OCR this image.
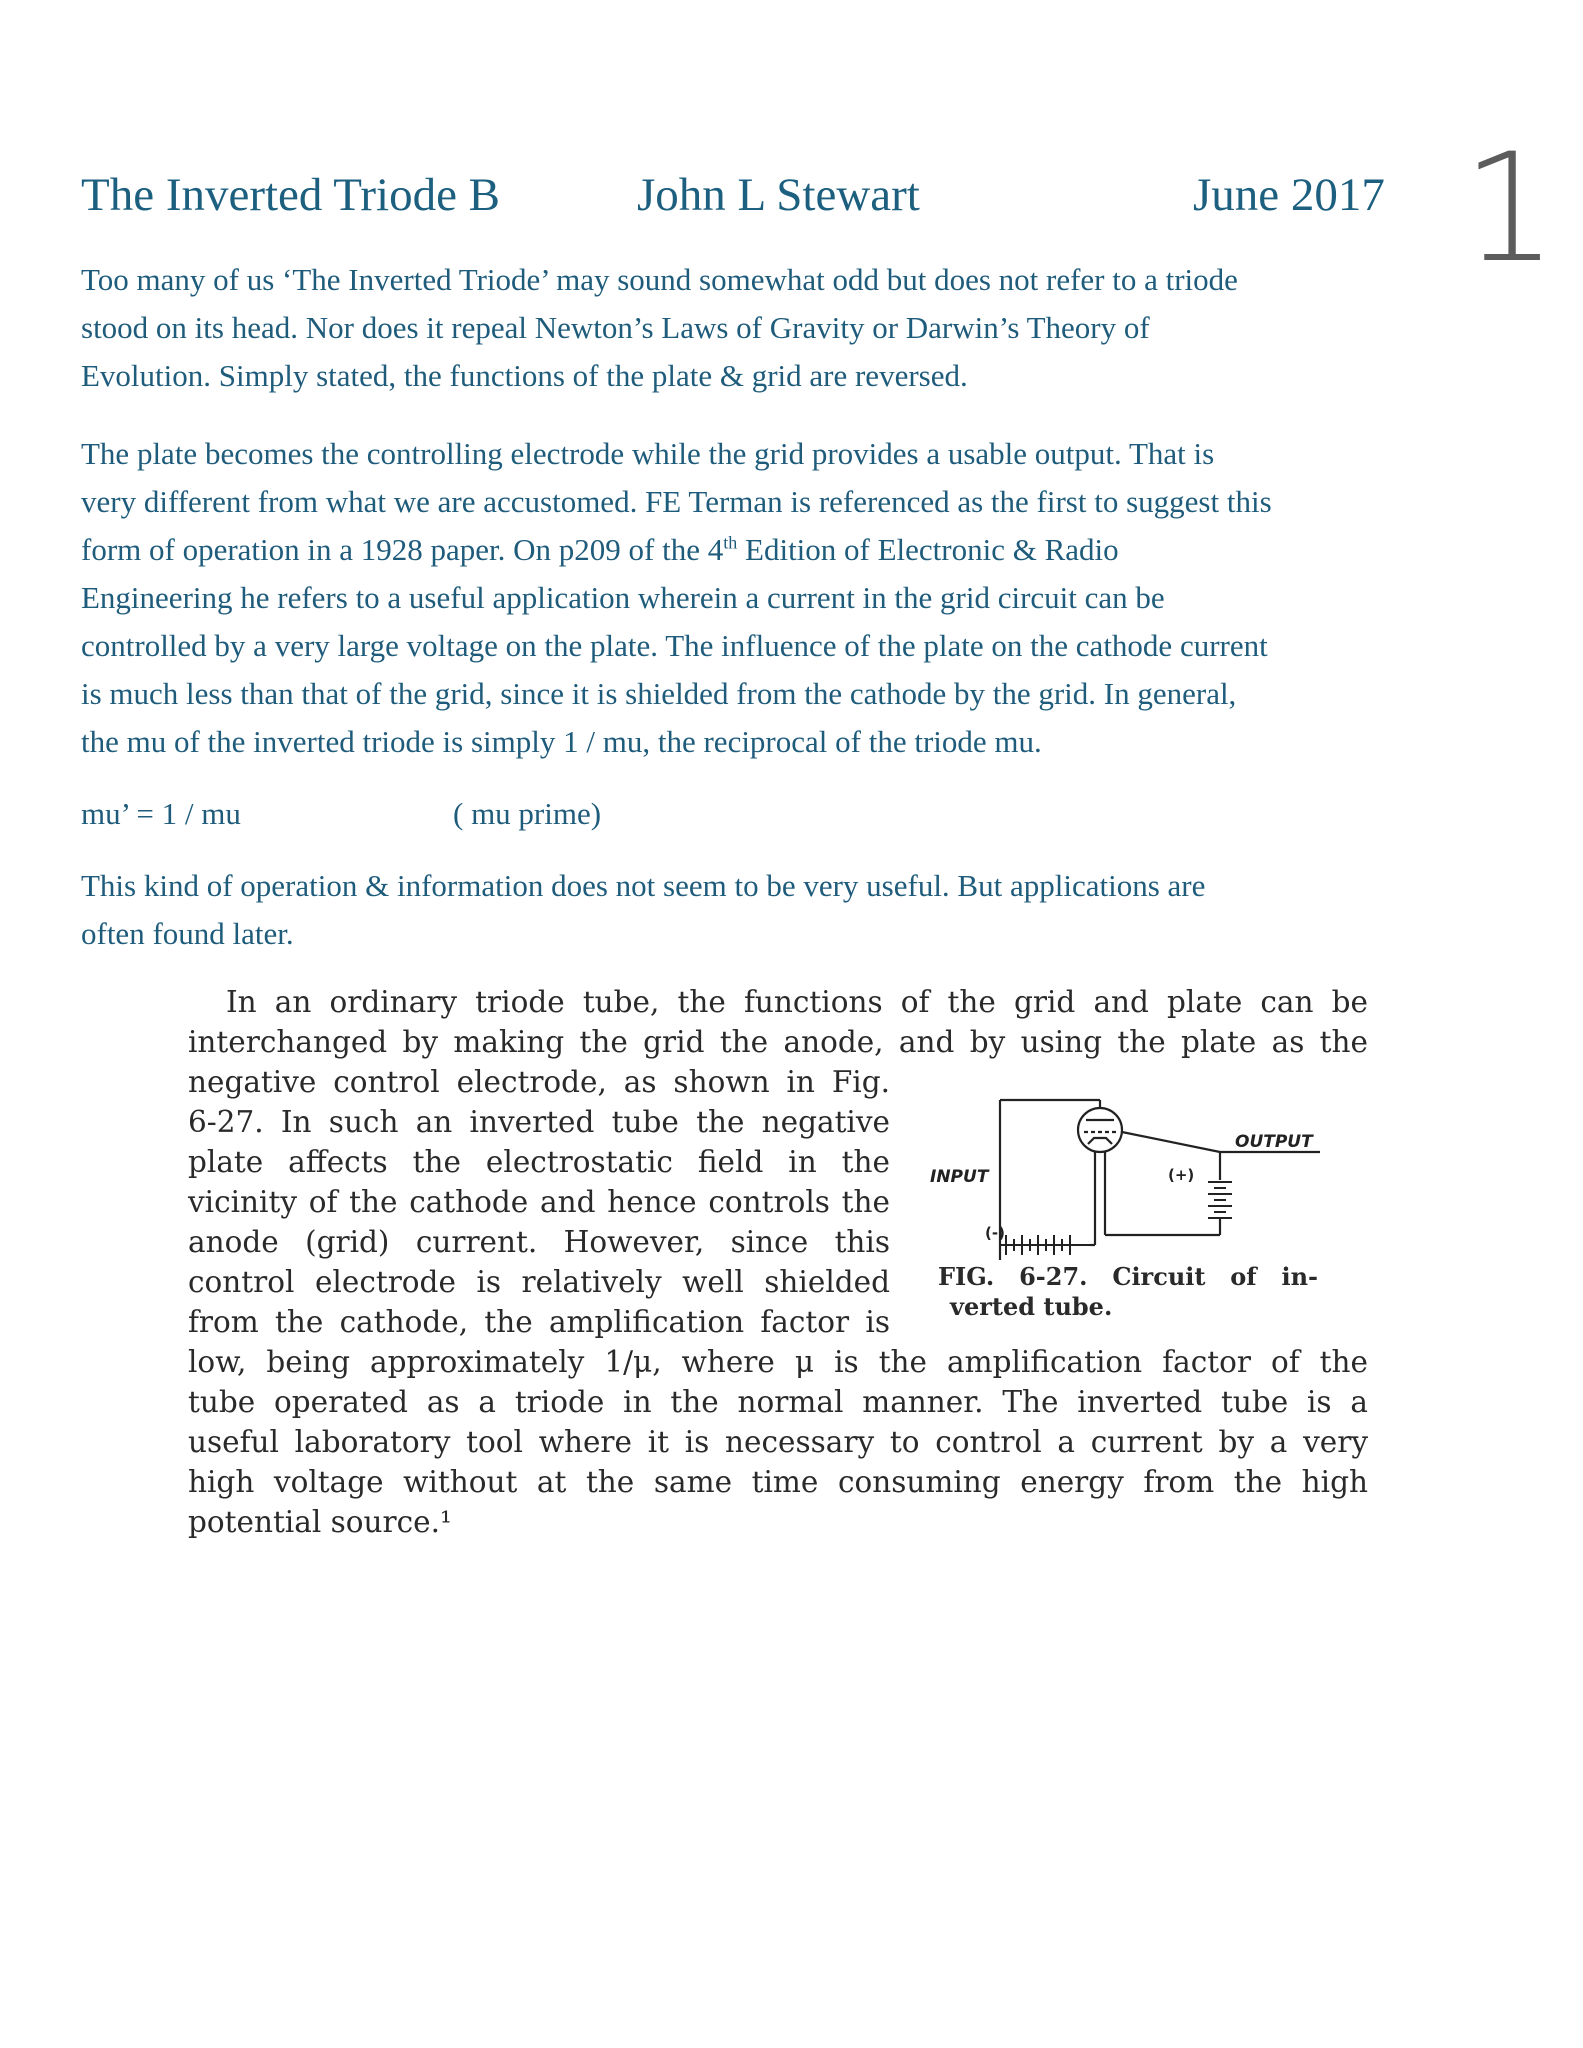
The Inverted Triode B	John L Stewart	June 2017 1
Too many of us ‘The Inverted Triode’ may sound somewhat odd but does not refer to a triode
stood on its head. Nor does it repeal Newton’s Laws of Gravity or Darwin’s Theory of
Evolution. Simply stated, the functions of the plate & grid are reversed.
The plate becomes the controlling electrode while the grid provides a usable output. That is
very different from what we are accustomed. FE Terman is referenced as the first to suggest this
form of operation in a 1928 paper. On p209 of the 4th Edition of Electronic & Radio
Engineering he refers to a useful application wherein a current in the grid circuit can be
controlled by a very large voltage on the plate. The influence of the plate on the cathode current
is much less than that of the grid, since it is shielded from the cathode by the grid. In general,
the mu of the inverted triode is simply 1 / mu, the reciprocal of the triode mu.
mu’ = 1 / mu	( mu prime)
This kind of operation & information does not seem to be very useful. But applications are
often found later.
In an ordinary triode tube, the functions of the grid and plate can be
interchanged by making the grid the anode, and by using the plate as the
negative control electrode, as shown in Fig.
6-27. In such an inverted tube the negative
plate affects the electrostatic field in the
vicinity of the cathode and hence controls the
anode (grid) current. However, since this
control electrode is relatively well shielded
from the cathode, the amplification factor is
low, being approximately 1/μ, where μ is the amplification factor of the
tube operated as a triode in the normal manner. The inverted tube is a
useful laboratory tool where it is necessary to control a current by a very
high voltage without at the same time consuming energy from the high
potential source.¹
INPUT
OUTPUT
(+)
(-)
FIG. 6-27. Circuit of in-
verted tube.
